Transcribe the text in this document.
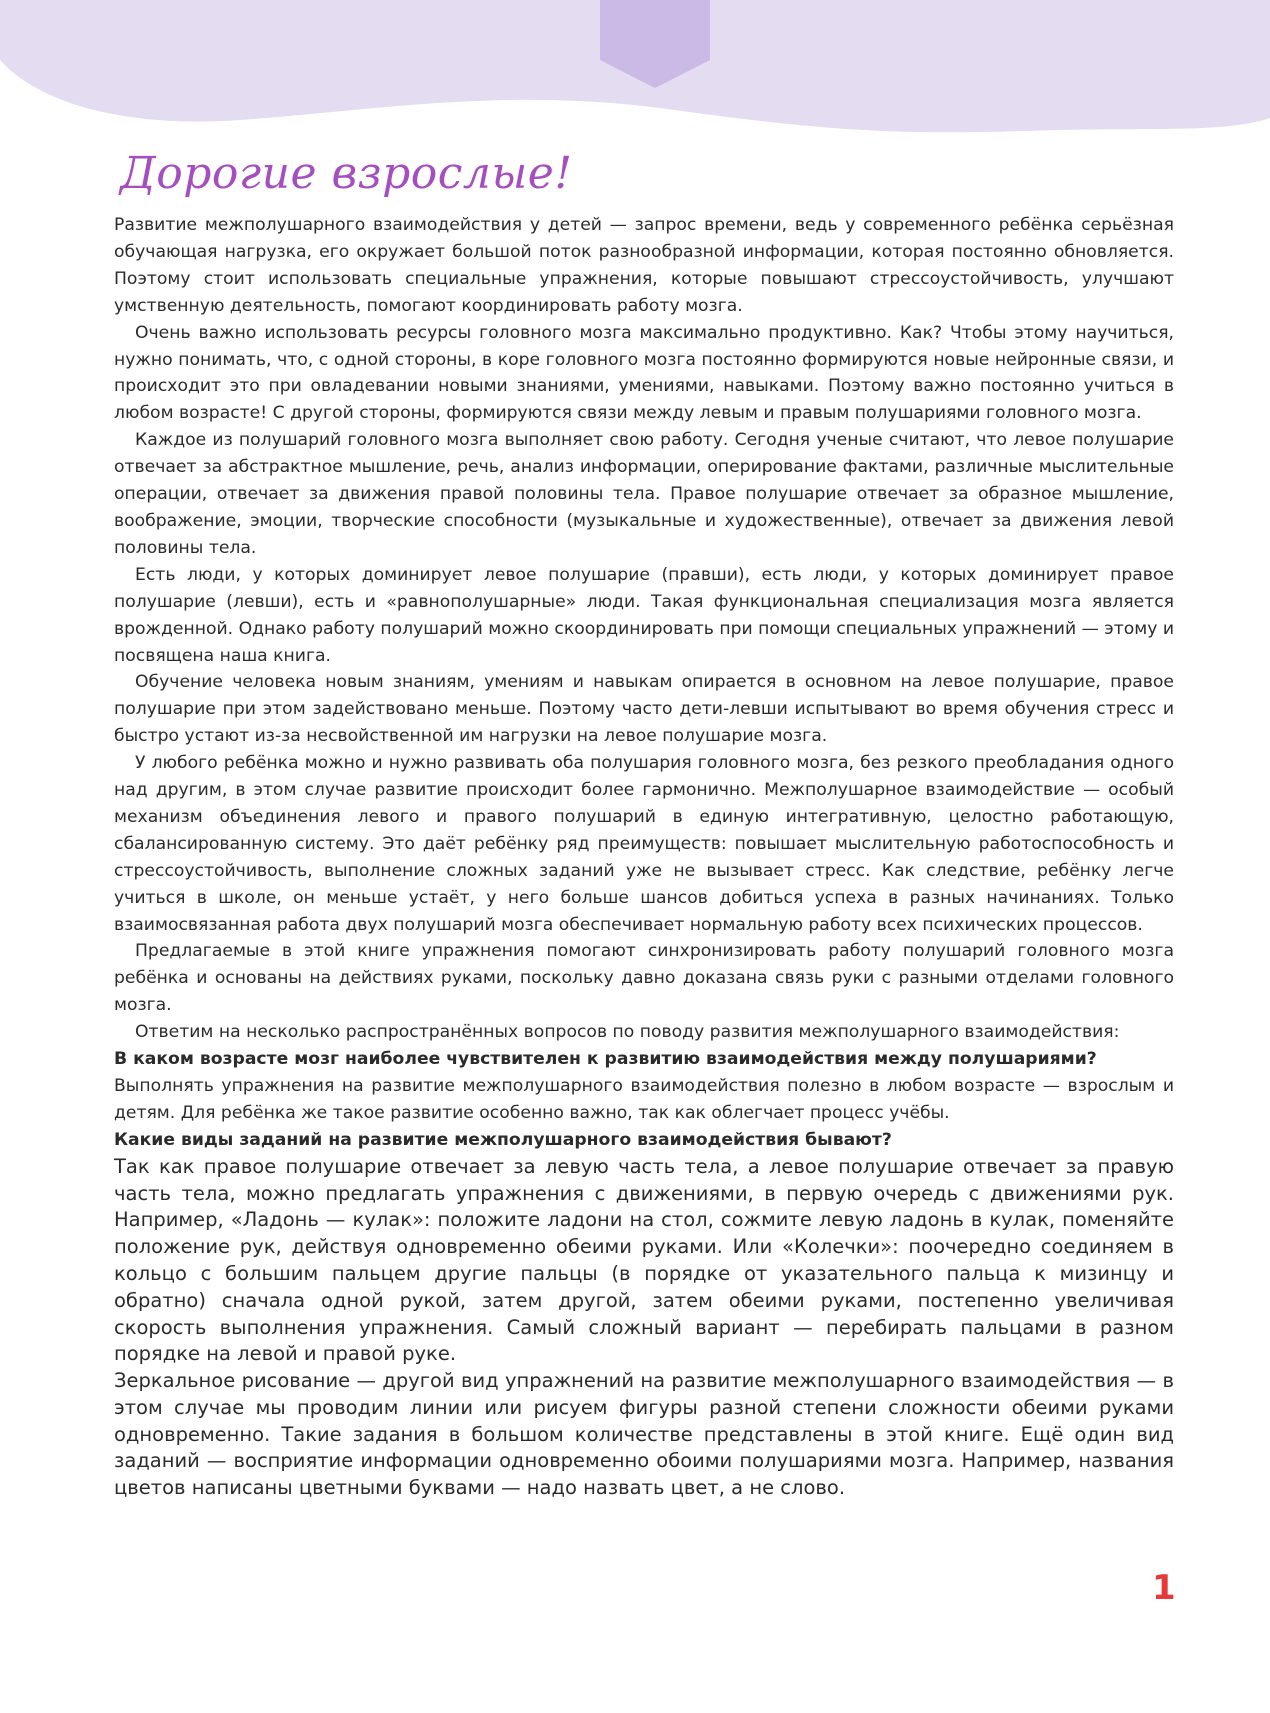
Дорогие взрослые!

Развитие межполушарного взаимодействия у детей — запрос времени, ведь у современного ребёнка серьёзная обучающая нагрузка, его окружает большой поток разнообразной информации, которая постоянно обновляется. Поэтому стоит использовать специальные упражнения, которые повышают стрессоустойчивость, улучшают умственную деятельность, помогают координировать работу мозга.

Очень важно использовать ресурсы головного мозга максимально продуктивно. Как? Чтобы этому научиться, нужно понимать, что, с одной стороны, в коре головного мозга постоянно формируются новые нейронные связи, и происходит это при овладевании новыми знаниями, умениями, навыками. Поэтому важно постоянно учиться в любом возрасте! С другой стороны, формируются связи между левым и правым полушариями головного мозга.

Каждое из полушарий головного мозга выполняет свою работу. Сегодня ученые считают, что левое полушарие отвечает за абстрактное мышление, речь, анализ информации, оперирование фактами, различные мыслительные операции, отвечает за движения правой половины тела. Правое полушарие отвечает за образное мышление, воображение, эмоции, творческие способности (музыкальные и художественные), отвечает за движения левой половины тела.

Есть люди, у которых доминирует левое полушарие (правши), есть люди, у которых доминирует правое полушарие (левши), есть и «равнополушарные» люди. Такая функциональная специализация мозга является врожденной. Однако работу полушарий можно скоординировать при помощи специальных упражнений — этому и посвящена наша книга.

Обучение человека новым знаниям, умениям и навыкам опирается в основном на левое полушарие, правое полушарие при этом задействовано меньше. Поэтому часто дети-левши испытывают во время обучения стресс и быстро устают из-за несвойственной им нагрузки на левое полушарие мозга.

У любого ребёнка можно и нужно развивать оба полушария головного мозга, без резкого преобладания одного над другим, в этом случае развитие происходит более гармонично. Межполушарное взаимодействие — особый механизм объединения левого и правого полушарий в единую интегративную, целостно работающую, сбалансированную систему. Это даёт ребёнку ряд преимуществ: повышает мыслительную работоспособность и стрессоустойчивость, выполнение сложных заданий уже не вызывает стресс. Как следствие, ребёнку легче учиться в школе, он меньше устаёт, у него больше шансов добиться успеха в разных начинаниях. Только взаимосвязанная работа двух полушарий мозга обеспечивает нормальную работу всех психических процессов.

Предлагаемые в этой книге упражнения помогают синхронизировать работу полушарий головного мозга ребёнка и основаны на действиях руками, поскольку давно доказана связь руки с разными отделами головного мозга.

Ответим на несколько распространённых вопросов по поводу развития межполушарного взаимодействия:

В каком возрасте мозг наиболее чувствителен к развитию взаимодействия между полушариями?

Выполнять упражнения на развитие межполушарного взаимодействия полезно в любом возрасте — взрослым и детям. Для ребёнка же такое развитие особенно важно, так как облегчает процесс учёбы.

Какие виды заданий на развитие межполушарного взаимодействия бывают?

Так как правое полушарие отвечает за левую часть тела, а левое полушарие отвечает за правую часть тела, можно предлагать упражнения с движениями, в первую очередь с движениями рук. Например, «Ладонь — кулак»: положите ладони на стол, сожмите левую ладонь в кулак, поменяйте положение рук, действуя одновременно обеими руками. Или «Колечки»: поочередно соединяем в кольцо с большим пальцем другие пальцы (в порядке от указательного пальца к мизинцу и обратно) сначала одной рукой, затем другой, затем обеими руками, постепенно увеличивая скорость выполнения упражнения. Самый сложный вариант — перебирать пальцами в разном порядке на левой и правой руке.

Зеркальное рисование — другой вид упражнений на развитие межполушарного взаимодействия — в этом случае мы проводим линии или рисуем фигуры разной степени сложности обеими руками одновременно. Такие задания в большом количестве представлены в этой книге. Ещё один вид заданий — восприятие информации одновременно обоими полушариями мозга. Например, названия цветов написаны цветными буквами — надо назвать цвет, а не слово.

1
